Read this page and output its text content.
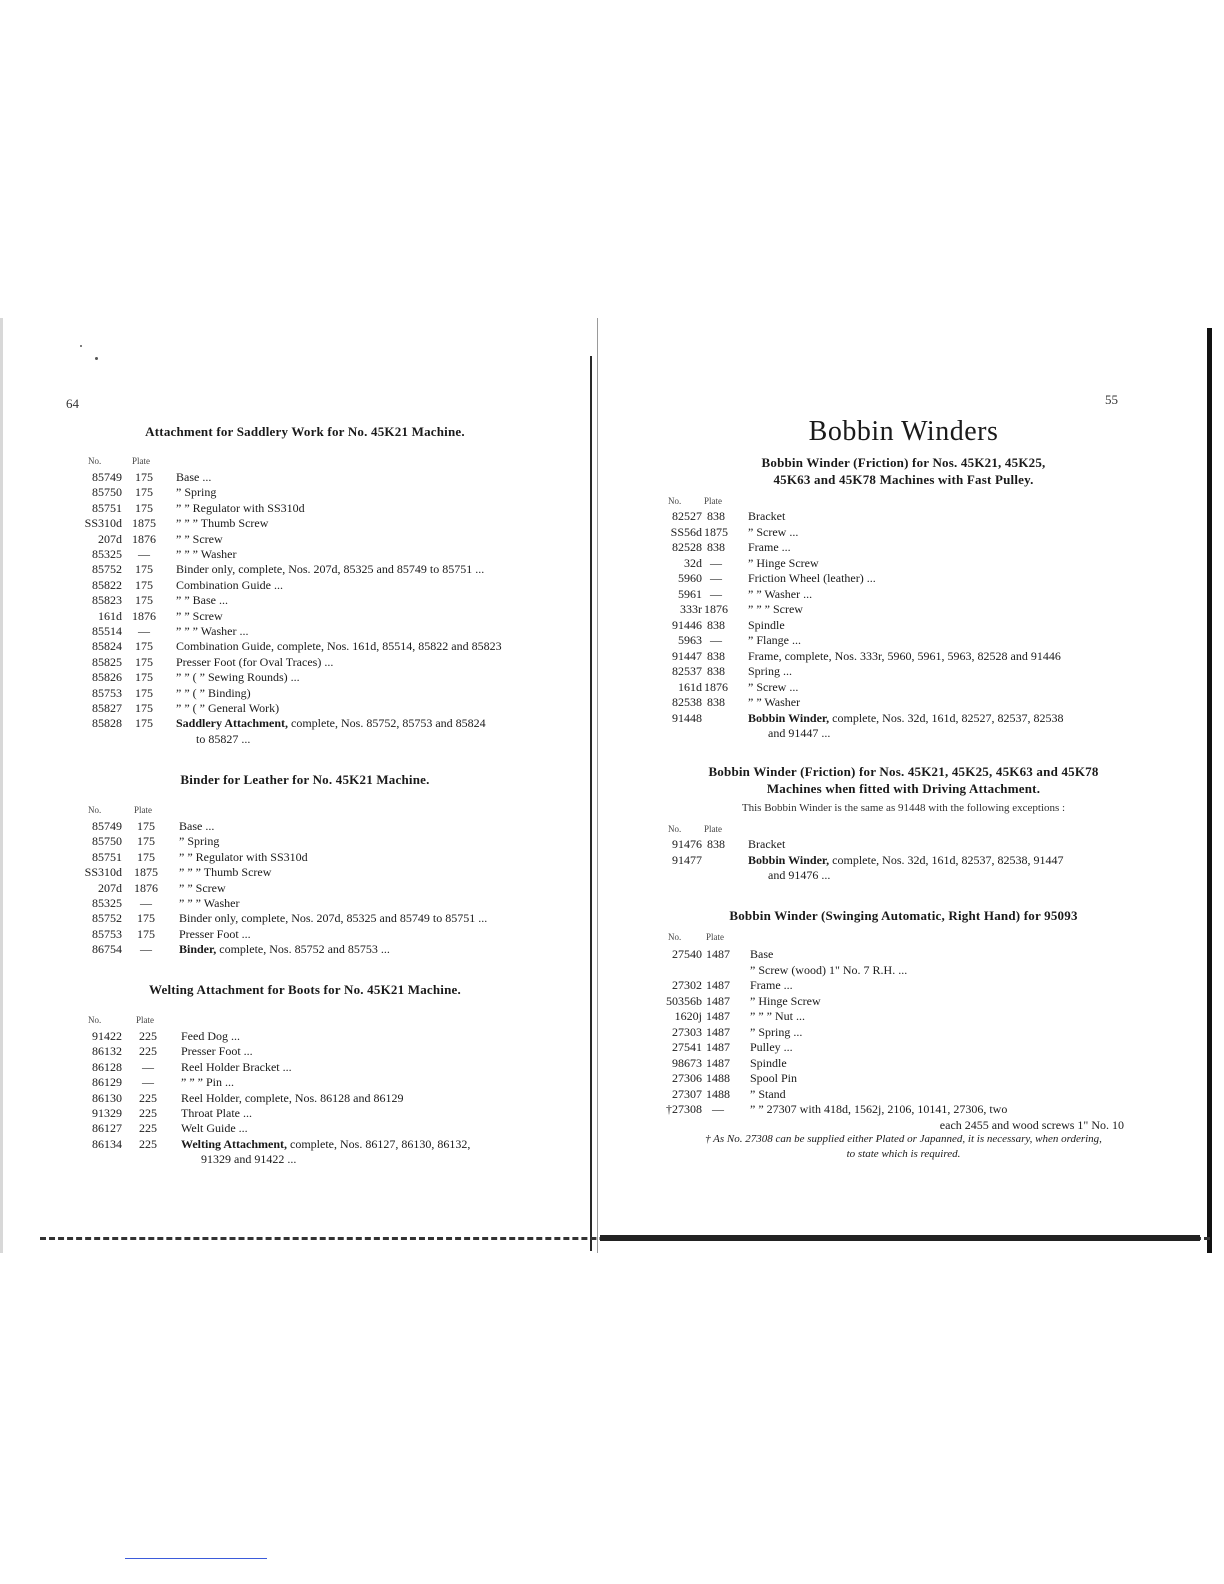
64
Attachment for Saddlery Work for No. 45K21 Machine.
No.	Plate
85749	175	Base ...
85750	175	” Spring
85751	175	” ” Regulator with SS310d
SS310d 1875	” ” ” Thumb Screw
207d 1876	” ” Screw
85325	—	” ” ” Washer
85752	175	Binder only, complete, Nos. 207d, 85325 and 85749 to 85751 ...
85822	175	Combination Guide ...
85823	175	” ” Base ...
161d 1876	” ” Screw
85514	—	” ” ” Washer ...
85824	175	Combination Guide, complete, Nos. 161d, 85514, 85822 and 85823
85825	175	Presser Foot (for Oval Traces) ...
85826	175	” ” ( ” Sewing Rounds) ...
85753	175	” ” ( ” Binding)
85827	175	” ” ( ” General Work)
85828	175	Saddlery Attachment, complete, Nos. 85752, 85753 and 85824
to 85827 ...
Binder for Leather for No. 45K21 Machine.
No.	Plate
85749	175	Base ...
85750	175	” Spring
85751	175	” ” Regulator with SS310d
SS310d	1875	” ” ” Thumb Screw
207d	1876	” ” Screw
85325	—	” ” ” Washer
85752	175	Binder only, complete, Nos. 207d, 85325 and 85749 to 85751 ...
85753	175	Presser Foot ...
86754	—	Binder, complete, Nos. 85752 and 85753 ...
Welting Attachment for Boots for No. 45K21 Machine.
No.	Plate
91422	225	Feed Dog ...
86132	225	Presser Foot ...
86128	—	Reel Holder Bracket ...
86129	—	” ” ” Pin ...
86130	225	Reel Holder, complete, Nos. 86128 and 86129
91329	225	Throat Plate ...
86127	225	Welt Guide ...
86134	225	Welting Attachment, complete, Nos. 86127, 86130, 86132,
91329 and 91422 ...
55
Bobbin Winders
Bobbin Winder (Friction) for Nos. 45K21, 45K25,
45K63 and 45K78 Machines with Fast Pulley.
No.	Plate
82527 838	Bracket
SS56d 1875	” Screw ...
82528 838	Frame ...
32d —	” Hinge Screw
5960 —	Friction Wheel (leather) ...
5961 —	” ” Washer ...
333r 1876	” ” ” Screw
91446 838	Spindle
5963 —	” Flange ...
91447 838	Frame, complete, Nos. 333r, 5960, 5961, 5963, 82528 and 91446
82537 838	Spring ...
161d 1876	” Screw ...
82538 838	” ” Washer
91448	Bobbin Winder, complete, Nos. 32d, 161d, 82527, 82537, 82538
and 91447 ...
Bobbin Winder (Friction) for Nos. 45K21, 45K25, 45K63 and 45K78
Machines when fitted with Driving Attachment.
This Bobbin Winder is the same as 91448 with the following exceptions :
No.	Plate
91476 838	Bracket
91477	Bobbin Winder, complete, Nos. 32d, 161d, 82537, 82538, 91447
and 91476 ...
Bobbin Winder (Swinging Automatic, Right Hand) for 95093
No.	Plate
27540 1487	Base
” Screw (wood) 1" No. 7 R.H. ...
27302 1487	Frame ...
50356b 1487	” Hinge Screw
1620j 1487	” ” ” Nut ...
27303 1487	” Spring ...
27541 1487	Pulley ...
98673 1487	Spindle
27306 1488	Spool Pin
27307 1488	” Stand
†27308 —	” ” 27307 with 418d, 1562j, 2106, 10141, 27306, two
each 2455 and wood screws 1" No. 10
† As No. 27308 can be supplied either Plated or Japanned, it is necessary, when ordering,
to state which is required.
